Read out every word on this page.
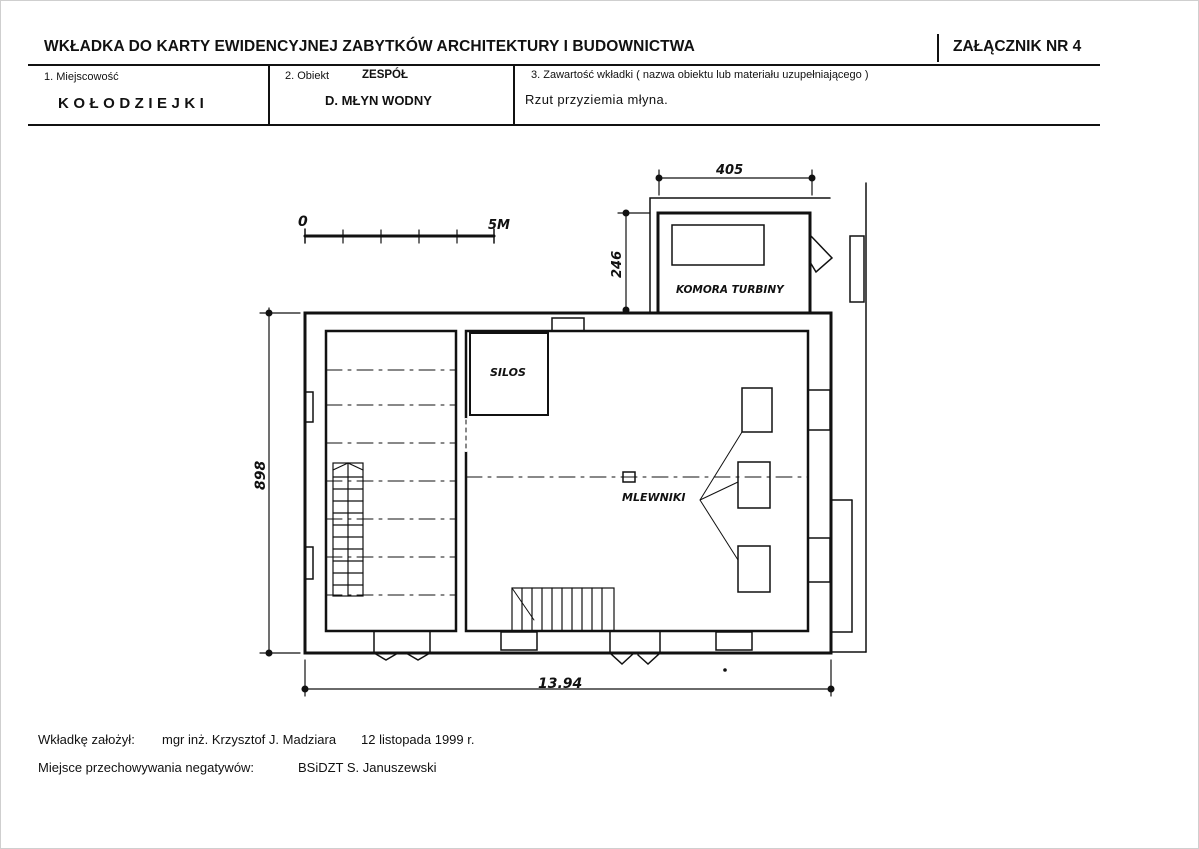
WKŁADKA DO KARTY EWIDENCYJNEJ ZABYTKÓW ARCHITEKTURY I BUDOWNICTWA	ZAŁĄCZNIK NR 4
1. Miejscowość
KOŁODZIEJKI
2. Obiekt	ZESPÓŁ
D. MŁYN WODNY
3. Zawartość wkładki ( nazwa obiektu lub materiału uzupełniającego )
Rzut przyziemia młyna.
0	5M
405
246
898
13.94
KOMORA TURBINY
SILOS
MLEWNIKI
Wkładkę założył: mgr inż. Krzysztof J. Madziara 12 listopada 1999 r.
Miejsce przechowywania negatywów:	BSiDZT S. Januszewski
